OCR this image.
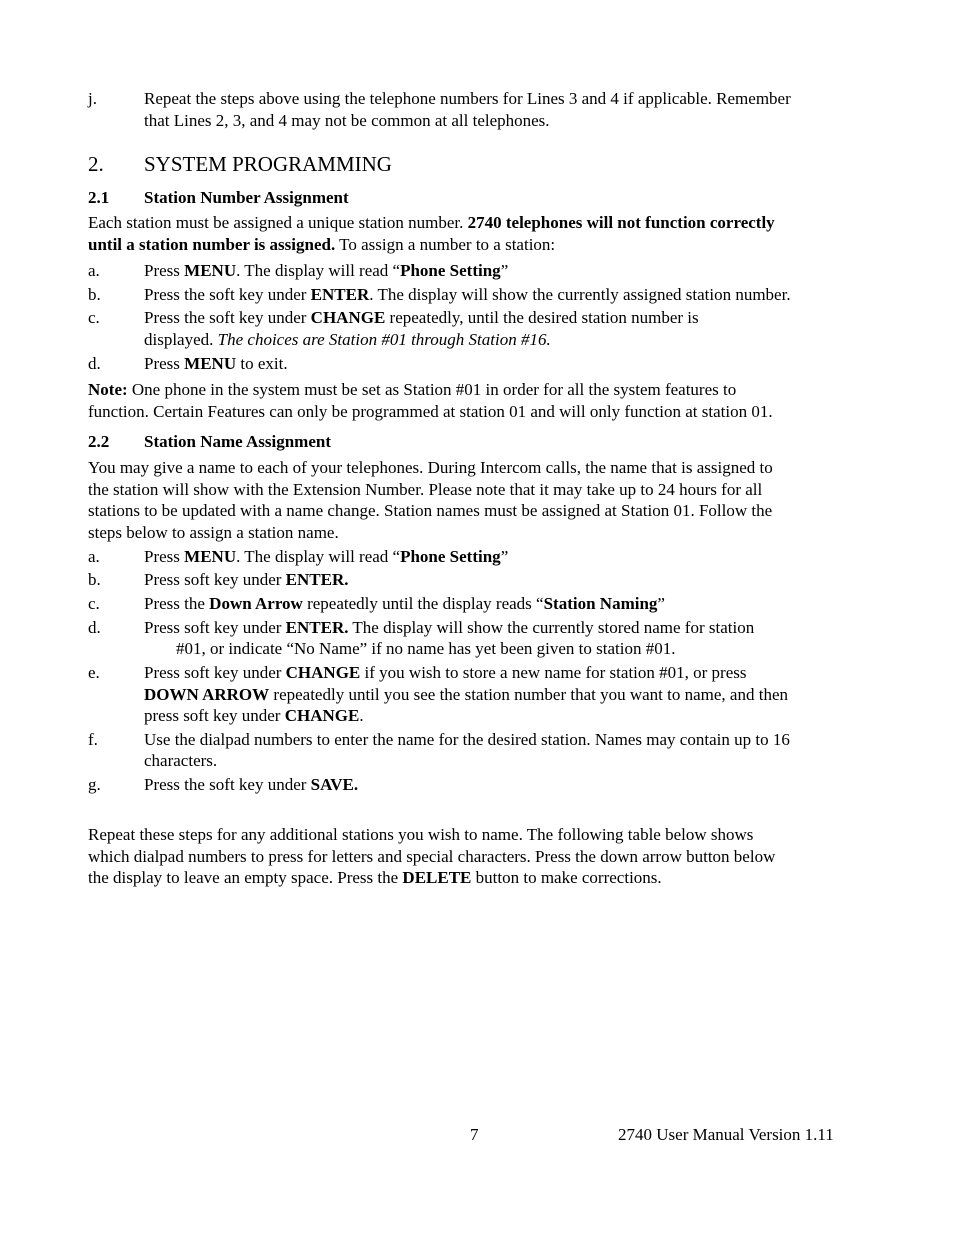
j.	Repeat the steps above using the telephone numbers for Lines 3 and 4 if applicable. Remember
that Lines 2, 3, and 4 may not be common at all telephones.
2. SYSTEM PROGRAMMING
2.1 Station Number Assignment
Each station must be assigned a unique station number. 2740 telephones will not function correctly
until a station number is assigned. To assign a number to a station:
a.	Press MENU. The display will read “Phone Setting”
b.	Press the soft key under ENTER. The display will show the currently assigned station number.
c.	Press the soft key under CHANGE repeatedly, until the desired station number is
displayed. The choices are Station #01 through Station #16.
d.	Press MENU to exit.
Note: One phone in the system must be set as Station #01 in order for all the system features to
function. Certain Features can only be programmed at station 01 and will only function at station 01.
2.2 Station Name Assignment
You may give a name to each of your telephones. During Intercom calls, the name that is assigned to
the station will show with the Extension Number. Please note that it may take up to 24 hours for all
stations to be updated with a name change. Station names must be assigned at Station 01. Follow the
steps below to assign a station name.
a.	Press MENU. The display will read “Phone Setting”
b.	Press soft key under ENTER.
c.	Press the Down Arrow repeatedly until the display reads “Station Naming”
d.	Press soft key under ENTER. The display will show the currently stored name for station
#01, or indicate “No Name” if no name has yet been given to station #01.
e.	Press soft key under CHANGE if you wish to store a new name for station #01, or press
DOWN ARROW repeatedly until you see the station number that you want to name, and then
press soft key under CHANGE.
f.	Use the dialpad numbers to enter the name for the desired station. Names may contain up to 16
characters.
g.	Press the soft key under SAVE.
Repeat these steps for any additional stations you wish to name. The following table below shows
which dialpad numbers to press for letters and special characters. Press the down arrow button below
the display to leave an empty space. Press the DELETE button to make corrections.
7	2740 User Manual Version 1.11
